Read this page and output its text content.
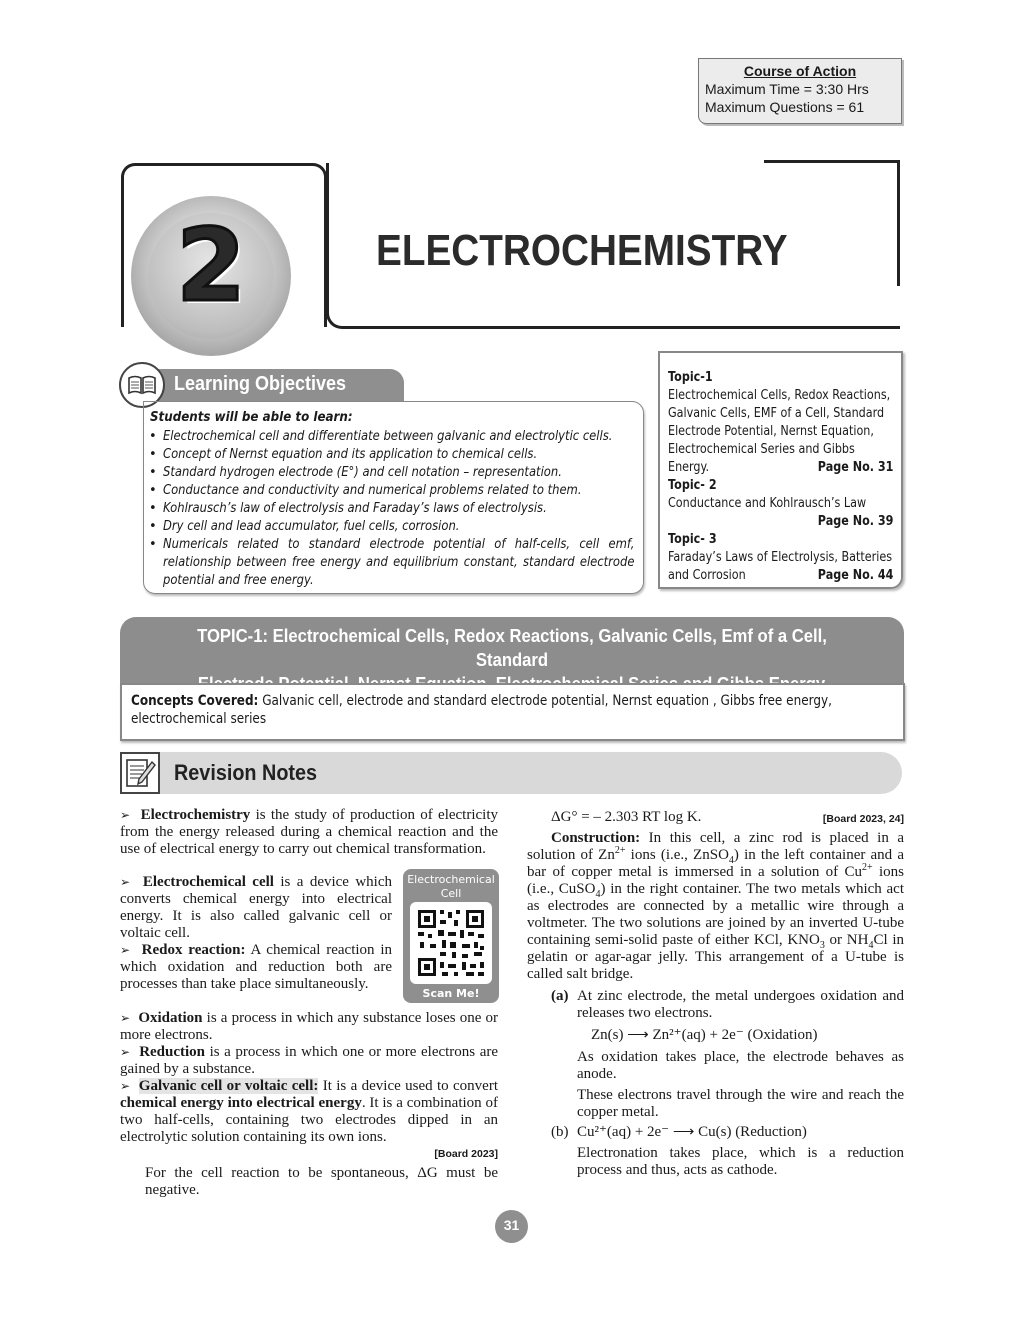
Course of Action
Maximum Time = 3:30 Hrs
Maximum Questions = 61
2	ELECTROCHEMISTRY
Learning Objectives
Students will be able to learn:
• Electrochemical cell and differentiate between galvanic and electrolytic cells.
• Concept of Nernst equation and its application to chemical cells.
• Standard hydrogen electrode (E°) and cell notation – representation.
• Conductance and conductivity and numerical problems related to them.
• Kohlrausch’s law of electrolysis and Faraday’s laws of electrolysis.
• Dry cell and lead accumulator, fuel cells, corrosion.
• Numericals related to standard electrode potential of half-cells, cell emf, relationship between free energy and equilibrium constant, standard electrode potential and free energy.
Topic-1
Electrochemical Cells, Redox Reactions, Galvanic Cells, EMF of a Cell, Standard Electrode Potential, Nernst Equation, Electrochemical Series and Gibbs Energy.	Page No. 31
Topic- 2
Conductance and Kohlrausch’s Law
Page No. 39
Topic- 3
Faraday’s Laws of Electrolysis, Batteries and Corrosion	Page No. 44
TOPIC-1: Electrochemical Cells, Redox Reactions, Galvanic Cells, Emf of a Cell, Standard
Electrode Potential, Nernst Equation, Electrochemical Series and Gibbs Energy
Concepts Covered: Galvanic cell, electrode and standard electrode potential, Nernst equation , Gibbs free energy, electrochemical series
Revision Notes
Electrochemical Cell
Scan Me!

➢ Electrochemistry is the study of production of electricity from the energy released during a chemical reaction and the use of electrical energy to carry out chemical transformation.

➢ Electrochemical cell is a device which converts chemical energy into electrical energy. It is also called galvanic cell or voltaic cell.

➢ Redox reaction: A chemical reaction in which oxidation and reduction both are processes than take place simultaneously.

➢ Oxidation is a process in which any substance loses one or more electrons.

➢ Reduction is a process in which one or more electrons are gained by a substance.

➢ Galvanic cell or voltaic cell: It is a device used to convert chemical energy into electrical energy. It is a combination of two half-cells, containing two electrodes dipped in an electrolytic solution containing its own ions.

[Board 2023]

For the cell reaction to be spontaneous, ΔG must be negative.

ΔG° = – 2.303 RT log K.	[Board 2023, 24]

Construction: In this cell, a zinc rod is placed in a solution of $Zn^{2+}$ ions (i.e., ZnSO$_4$) in the left container and a bar of copper metal is immersed in a solution of $Cu^{2+}$ ions (i.e., CuSO$_4$) in the right container. The two metals which act as electrodes are connected by a metallic wire through a voltmeter. The two solutions are joined by an inverted U-tube containing semi-solid paste of either KCl, $KNO_3$ or $NH_4Cl$ in gelatin or agar-agar jelly. This arrangement of a U-tube is called salt bridge.

(a) At zinc electrode, the metal undergoes oxidation and releases two electrons.

Zn(s) ⟶ Zn²⁺(aq) + 2e⁻ (Oxidation)

As oxidation takes place, the electrode behaves as anode.

These electrons travel through the wire and reach the copper metal.

(b) Cu²⁺(aq) + 2e⁻ ⟶ Cu(s) (Reduction)

Electronation takes place, which is a reduction process and thus, acts as cathode.

31
